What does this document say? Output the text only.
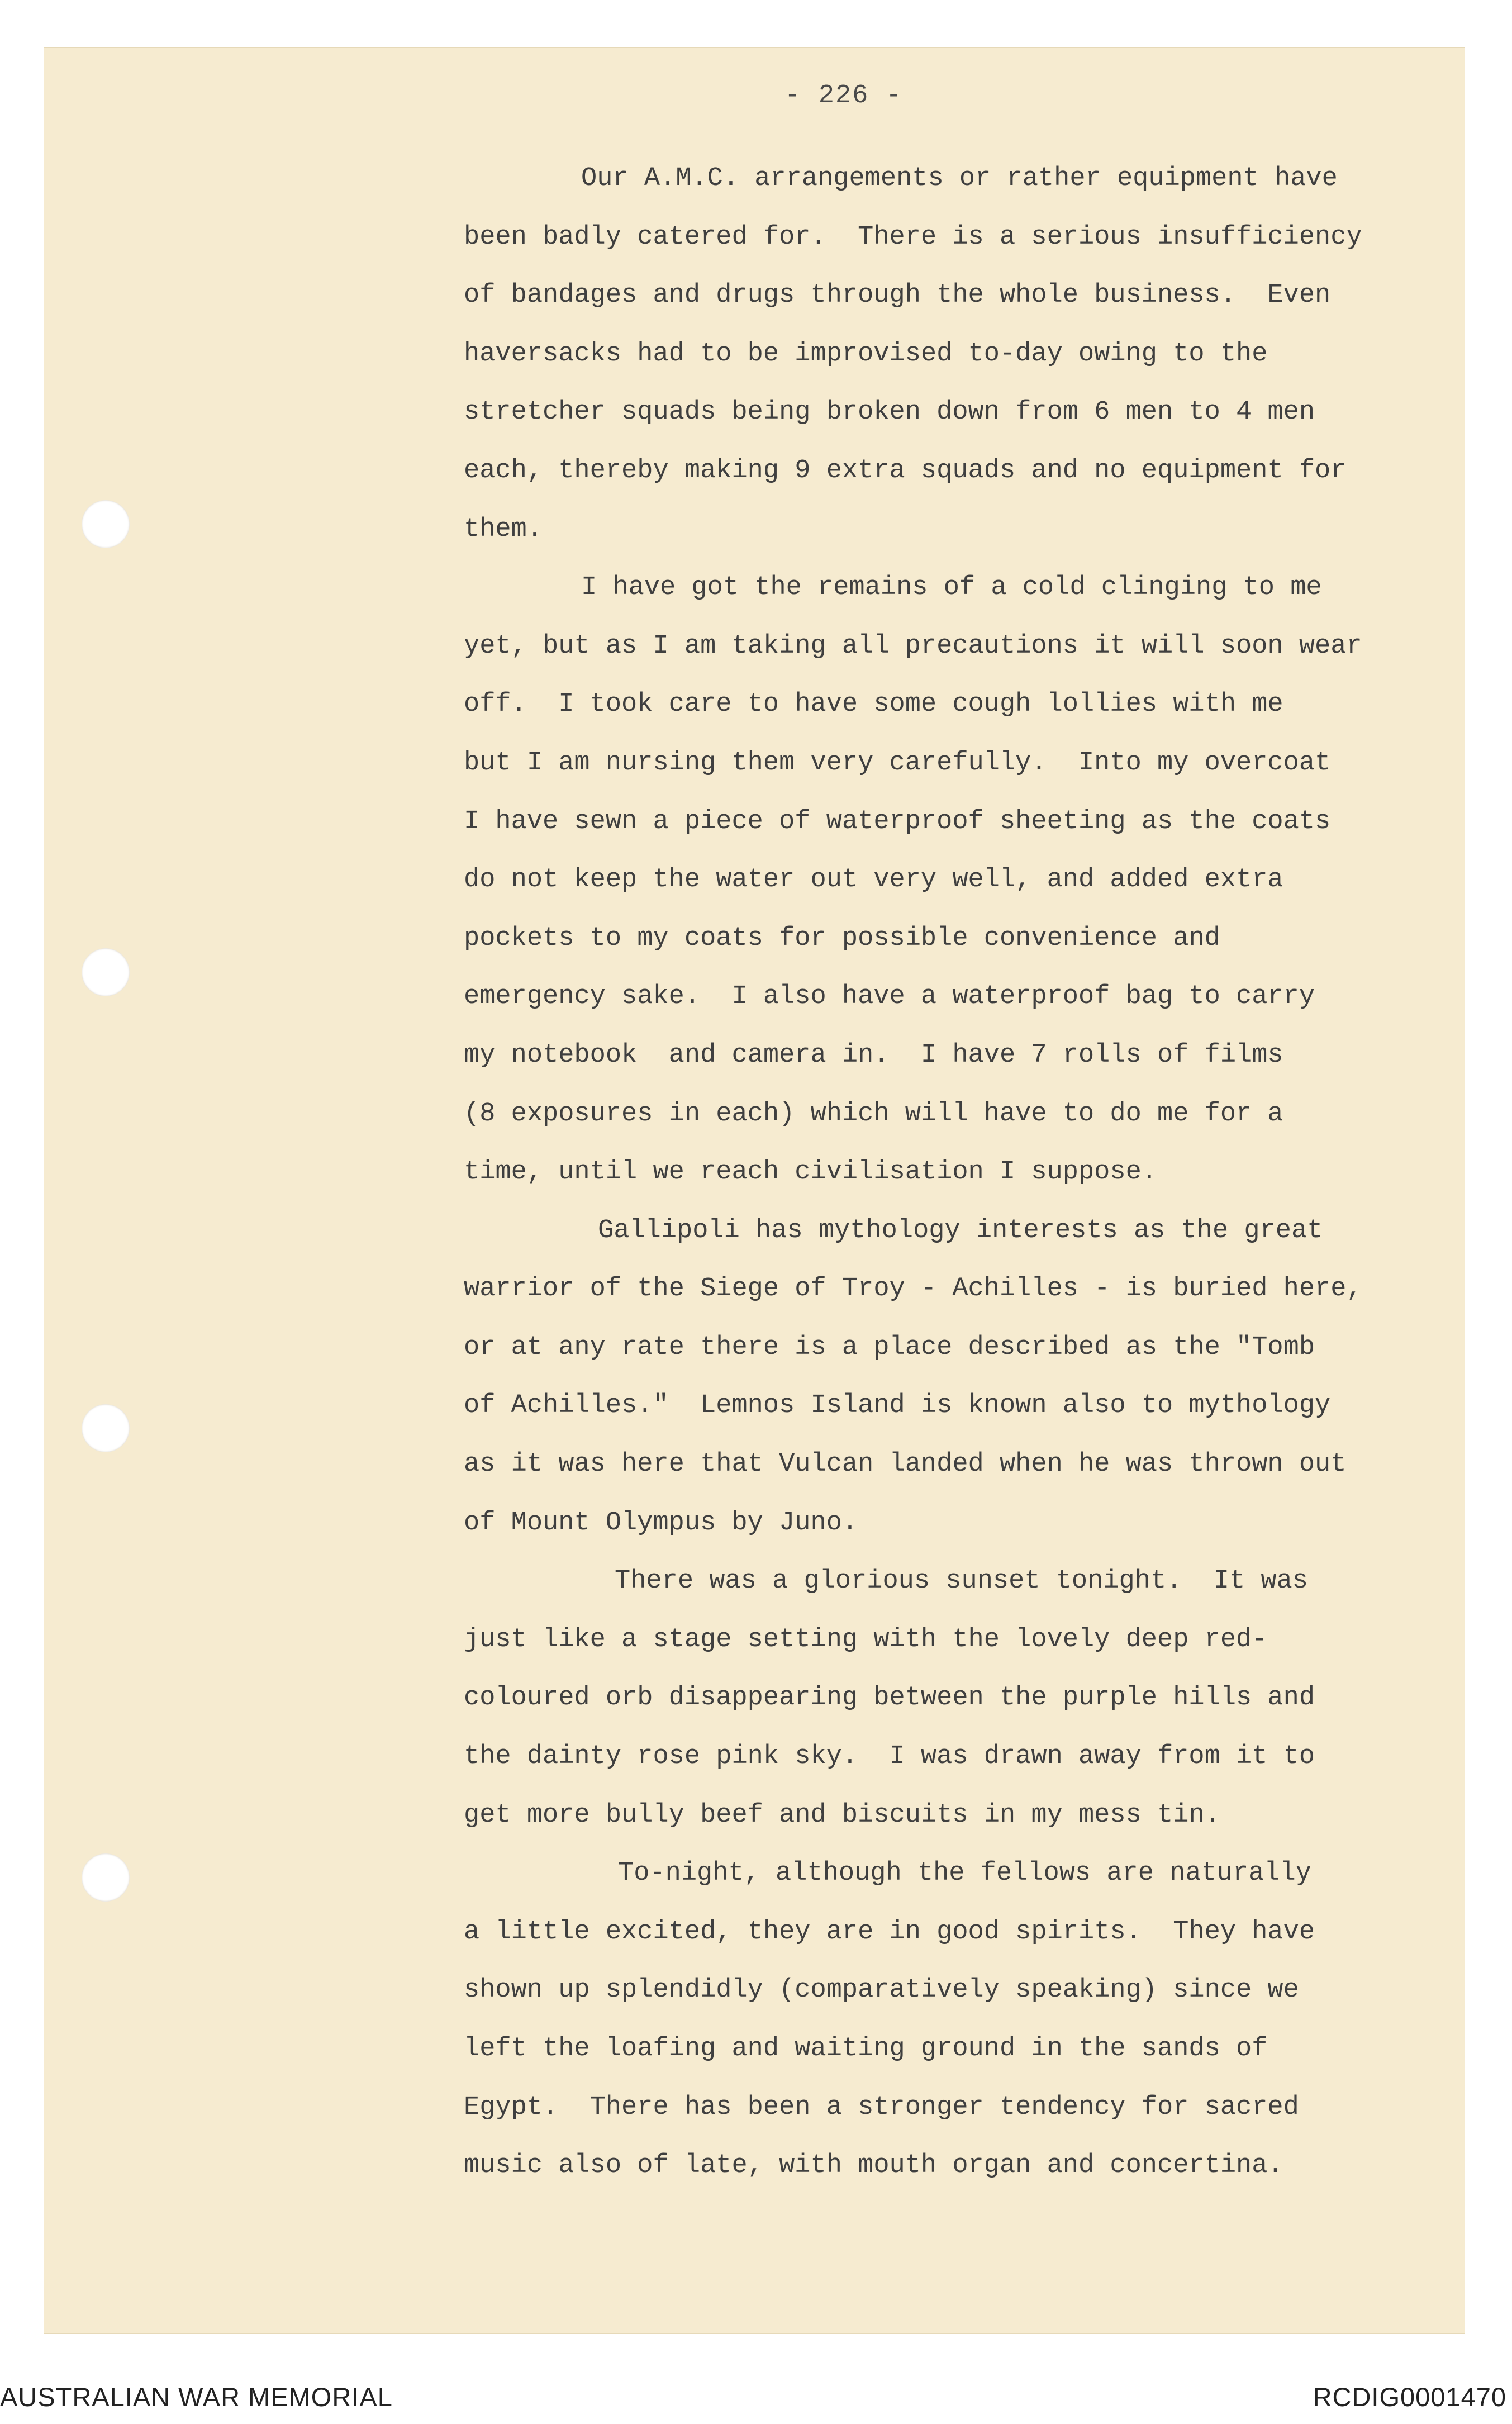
- 226 -
Our A.M.C. arrangements or rather equipment have
been badly catered for.  There is a serious insufficiency
of bandages and drugs through the whole business.  Even
haversacks had to be improvised to-day owing to the
stretcher squads being broken down from 6 men to 4 men
each, thereby making 9 extra squads and no equipment for
them.
I have got the remains of a cold clinging to me
yet, but as I am taking all precautions it will soon wear
off.  I took care to have some cough lollies with me
but I am nursing them very carefully.  Into my overcoat
I have sewn a piece of waterproof sheeting as the coats
do not keep the water out very well, and added extra
pockets to my coats for possible convenience and
emergency sake.  I also have a waterproof bag to carry
my notebook  and camera in.  I have 7 rolls of films
(8 exposures in each) which will have to do me for a
time, until we reach civilisation I suppose.
Gallipoli has mythology interests as the great
warrior of the Siege of Troy - Achilles - is buried here,
or at any rate there is a place described as the "Tomb
of Achilles."  Lemnos Island is known also to mythology
as it was here that Vulcan landed when he was thrown out
of Mount Olympus by Juno.
There was a glorious sunset tonight.  It was
just like a stage setting with the lovely deep red-
coloured orb disappearing between the purple hills and
the dainty rose pink sky.  I was drawn away from it to
get more bully beef and biscuits in my mess tin.
To-night, although the fellows are naturally
a little excited, they are in good spirits.  They have
shown up splendidly (comparatively speaking) since we
left the loafing and waiting ground in the sands of
Egypt.  There has been a stronger tendency for sacred
music also of late, with mouth organ and concertina.
AUSTRALIAN WAR MEMORIAL	RCDIG0001470
